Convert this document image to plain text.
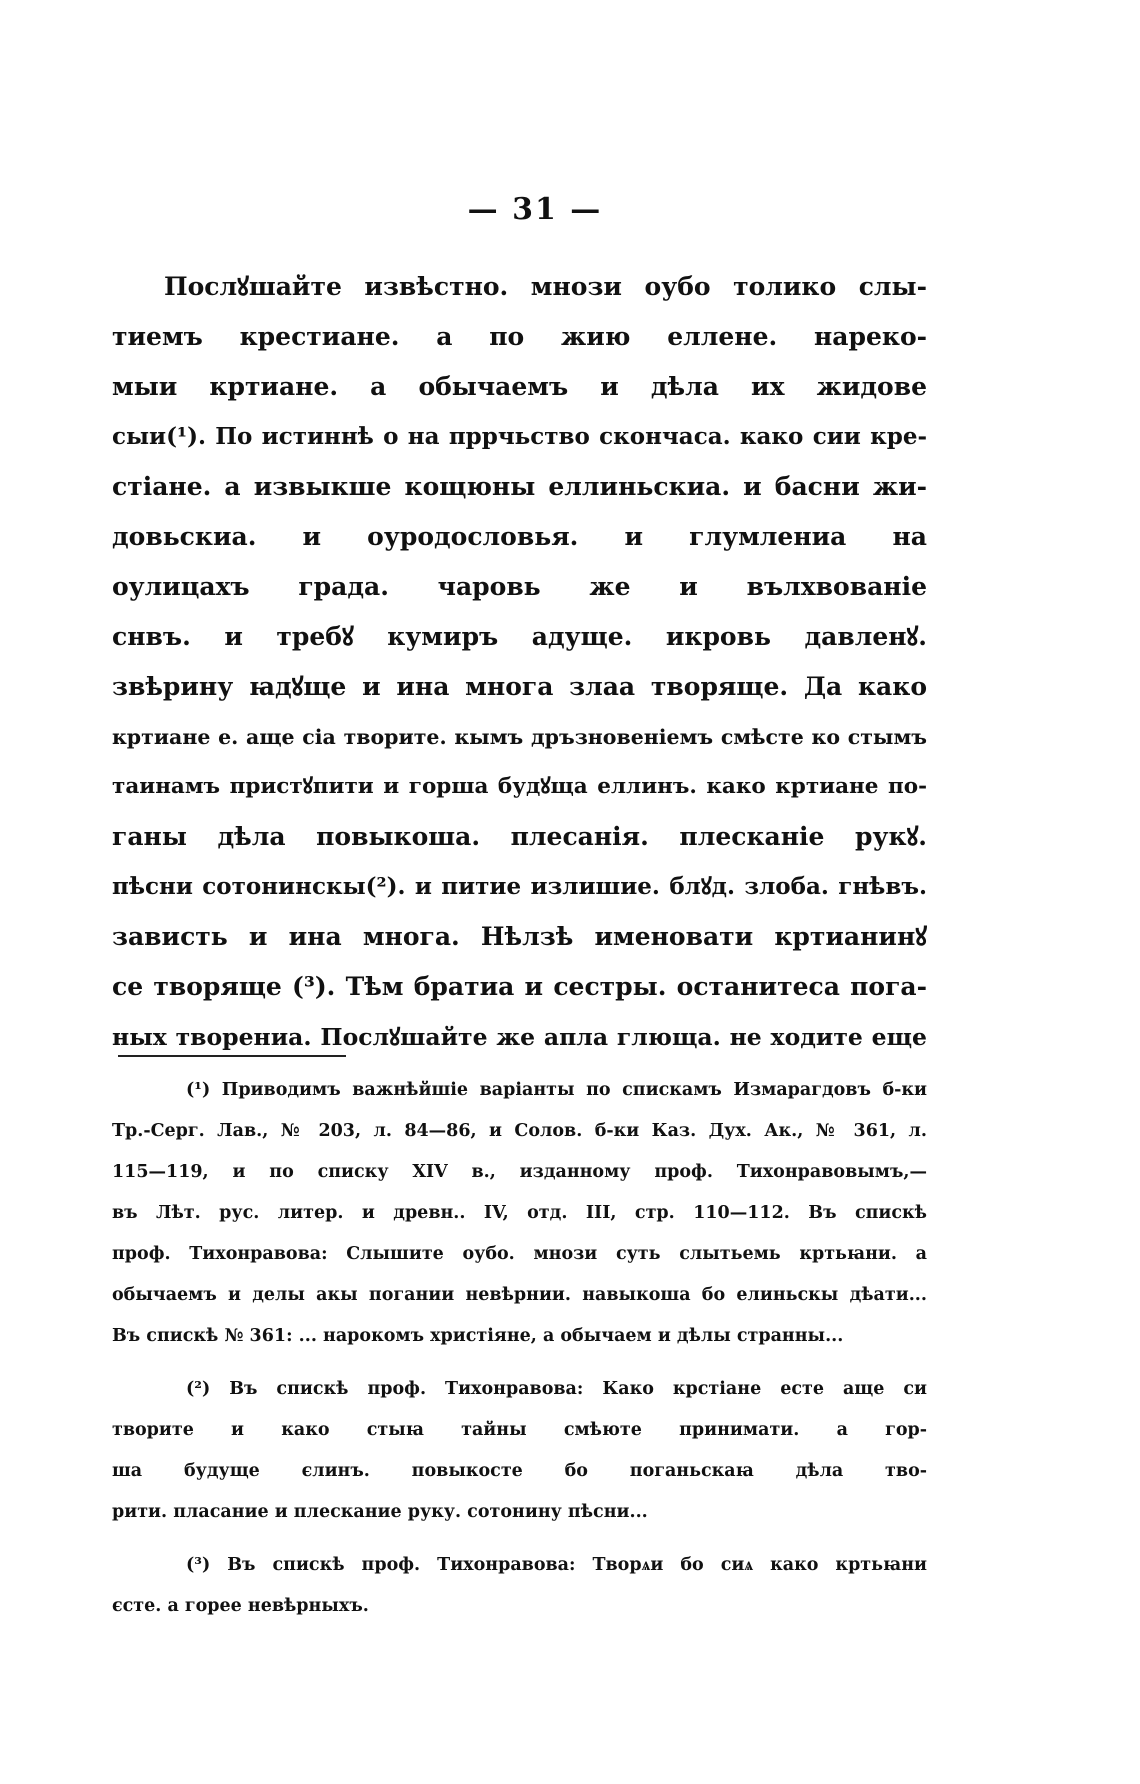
— 31 —
Послꙋшайте извѣстно. мнози оубо толико слы-
тиемъ крестиане. а по жию еллене. нареко-
мыи кртиане. а обычаемъ и дѣла их жидове
сыи(¹). По истиннѣ о на пррчьство скончаса. како сии кре-
стіане. а извыкше кощюны еллиньскиа. и басни жи-
довьскиа. и оуродословья. и глумлениа на
оулицахъ града. чаровь же и вълхвованіе
снвъ. и требꙋ кумиръ адуще. икровь давленꙋ.
звѣрину ꙗдꙋще и ина многа злаа творяще. Да како
кртиане е. аще сіа творите. кымъ дръзновеніемъ смѣсте ко стымъ
таинамъ пристꙋпити и горша будꙋща еллинъ. како кртиане по-
ганы дѣла повыкоша. плесанія. плесканіе рукꙋ.
пѣсни сотонинскы(²). и питие излишие. блꙋд. злоба. гнѣвъ.
зависть и ина многа. Нѣлзѣ именовати кртианинꙋ
се творяще (³). Тѣм братиа и сестры. останитеса пога-
ных творениа. Послꙋшайте же апла глюща. не ходите еще
(¹) Приводимъ важнѣйшіе варіанты по спискамъ Измарагдовъ б-ки
Тр.-Серг. Лав., № 203, л. 84—86, и Солов. б-ки Каз. Дух. Ак., № 361, л.
115—119, и по списку XIV в., изданному проф. Тихонравовымъ,—
въ Лѣт. рус. литер. и древн.. IV, отд. III, стр. 110—112. Въ спискѣ
проф. Тихонравова: Слышите оубо. мнози суть слытьемь кртьꙗни. а
обычаемъ и делы акы погании невѣрнии. навыкоша бо елиньскы дѣати...
Въ спискѣ № 361: ... нарокомъ христіяне, а обычаем и дѣлы странны...
(²) Въ спискѣ проф. Тихонравова: Како крстіане есте аще си
творите и како стыꙗ тайны смѣюте принимати. а гор-
ша будуще єлинъ. повыкосте бо поганьскаꙗ дѣла тво-
рити. пласание и плескание руку. сотонину пѣсни...
(³) Въ спискѣ проф. Тихонравова: Творѧи бо сиѧ како кртьꙗни
єсте. а горее невѣрныхъ.
